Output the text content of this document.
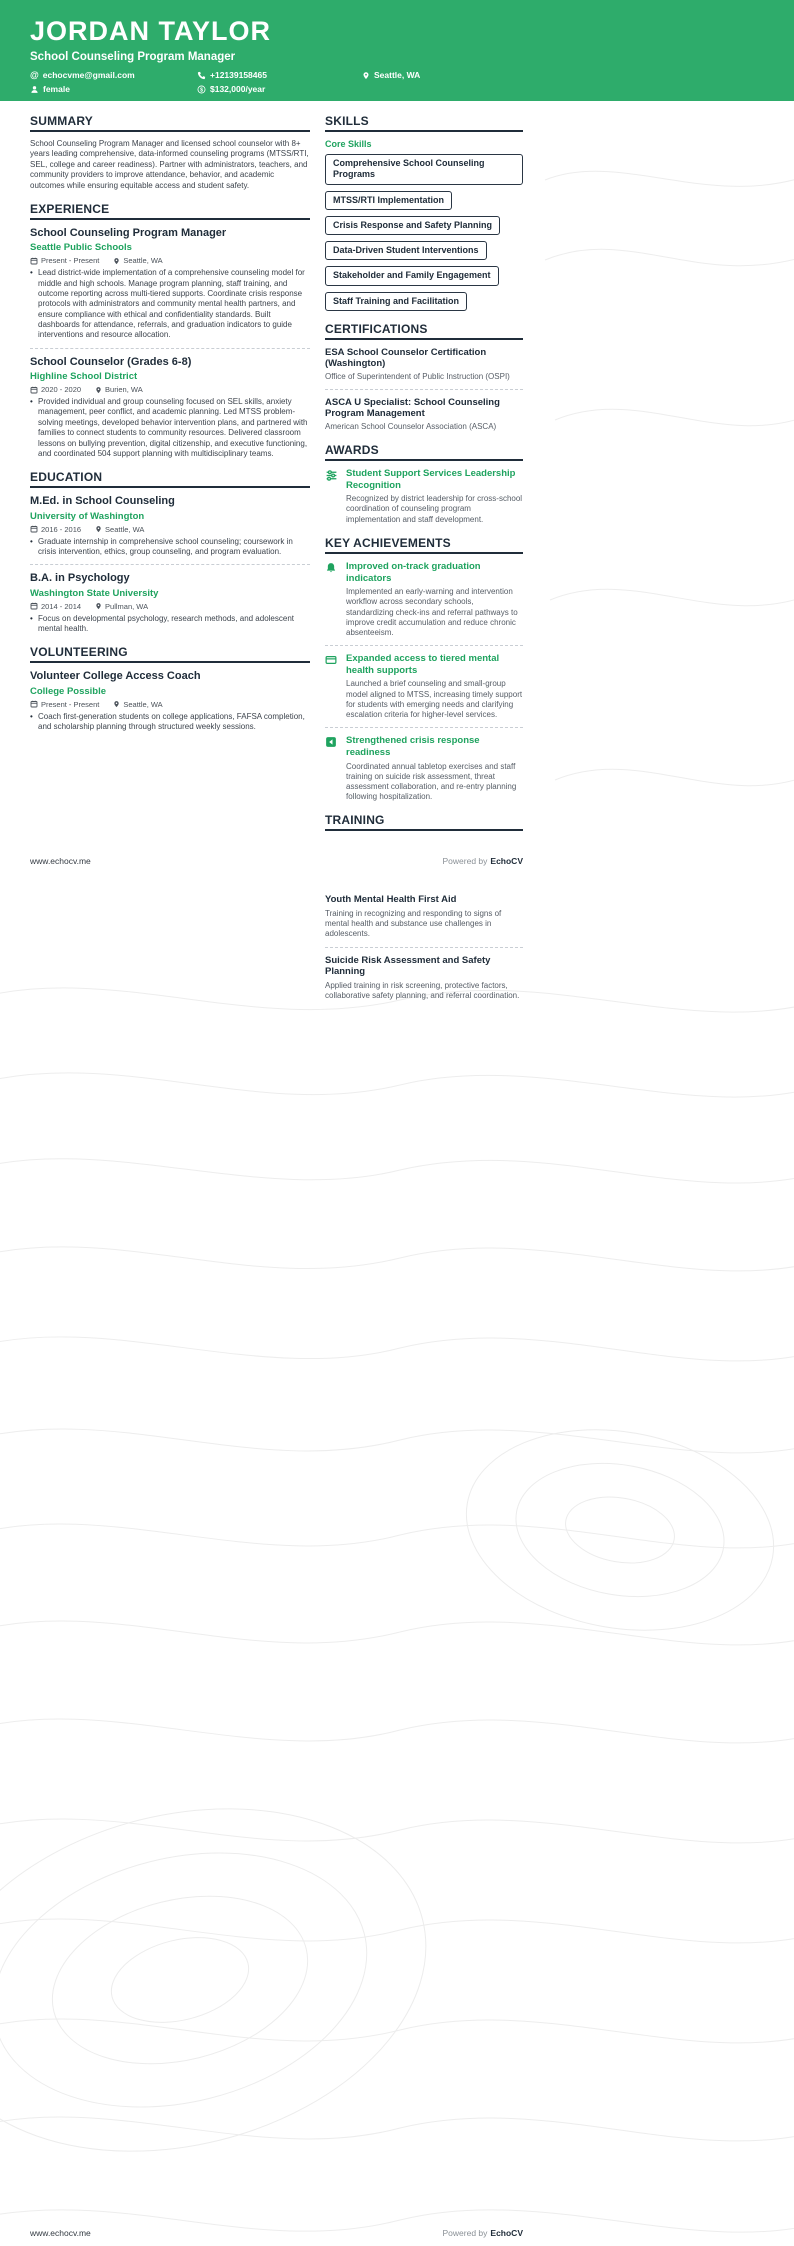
JORDAN TAYLOR
School Counseling Program Manager
@ echocvme@gmail.com	+12139158465	Seattle, WA
female	$ $132,000/year
SUMMARY
School Counseling Program Manager and licensed school counselor with 8+ years leading comprehensive, data-informed counseling programs (MTSS/RTI, SEL, college and career readiness). Partner with administrators, teachers, and community providers to improve attendance, behavior, and academic outcomes while ensuring equitable access and student safety.
EXPERIENCE
School Counseling Program Manager
Seattle Public Schools
Present - Present	Seattle, WA
• Lead district-wide implementation of a comprehensive counseling model for middle and high schools. Manage program planning, staff training, and outcome reporting across multi-tiered supports. Coordinate crisis response protocols with administrators and community mental health partners, and ensure compliance with ethical and confidentiality standards. Built dashboards for attendance, referrals, and graduation indicators to guide interventions and resource allocation.
School Counselor (Grades 6-8)
Highline School District
2020 - 2020	Burien, WA
• Provided individual and group counseling focused on SEL skills, anxiety management, peer conflict, and academic planning. Led MTSS problem-solving meetings, developed behavior intervention plans, and partnered with families to connect students to community resources. Delivered classroom lessons on bullying prevention, digital citizenship, and executive functioning, and coordinated 504 support planning with multidisciplinary teams.
EDUCATION
M.Ed. in School Counseling
University of Washington
2016 - 2016	Seattle, WA
• Graduate internship in comprehensive school counseling; coursework in crisis intervention, ethics, group counseling, and program evaluation.
B.A. in Psychology
Washington State University
2014 - 2014	Pullman, WA
• Focus on developmental psychology, research methods, and adolescent mental health.
VOLUNTEERING
Volunteer College Access Coach
College Possible
Present - Present	Seattle, WA
• Coach first-generation students on college applications, FAFSA completion, and scholarship planning through structured weekly sessions.
SKILLS
Core Skills
Comprehensive School Counseling Programs
MTSS/RTI Implementation
Crisis Response and Safety Planning
Data-Driven Student Interventions
Stakeholder and Family Engagement
Staff Training and Facilitation
CERTIFICATIONS
ESA School Counselor Certification (Washington)
Office of Superintendent of Public Instruction (OSPI)
ASCA U Specialist: School Counseling Program Management
American School Counselor Association (ASCA)
AWARDS
Student Support Services Leadership Recognition
Recognized by district leadership for cross-school coordination of counseling program implementation and staff development.
KEY ACHIEVEMENTS
Improved on-track graduation indicators
Implemented an early-warning and intervention workflow across secondary schools, standardizing check-ins and referral pathways to improve credit accumulation and reduce chronic absenteeism.
Expanded access to tiered mental health supports
Launched a brief counseling and small-group model aligned to MTSS, increasing timely support for students with emerging needs and clarifying escalation criteria for higher-level services.
Strengthened crisis response readiness
Coordinated annual tabletop exercises and staff training on suicide risk assessment, threat assessment collaboration, and re-entry planning following hospitalization.
TRAINING
www.echocv.me	Powered by EchoCV
Youth Mental Health First Aid
Training in recognizing and responding to signs of mental health and substance use challenges in adolescents.
Suicide Risk Assessment and Safety Planning
Applied training in risk screening, protective factors, collaborative safety planning, and referral coordination.
www.echocv.me	Powered by EchoCV
